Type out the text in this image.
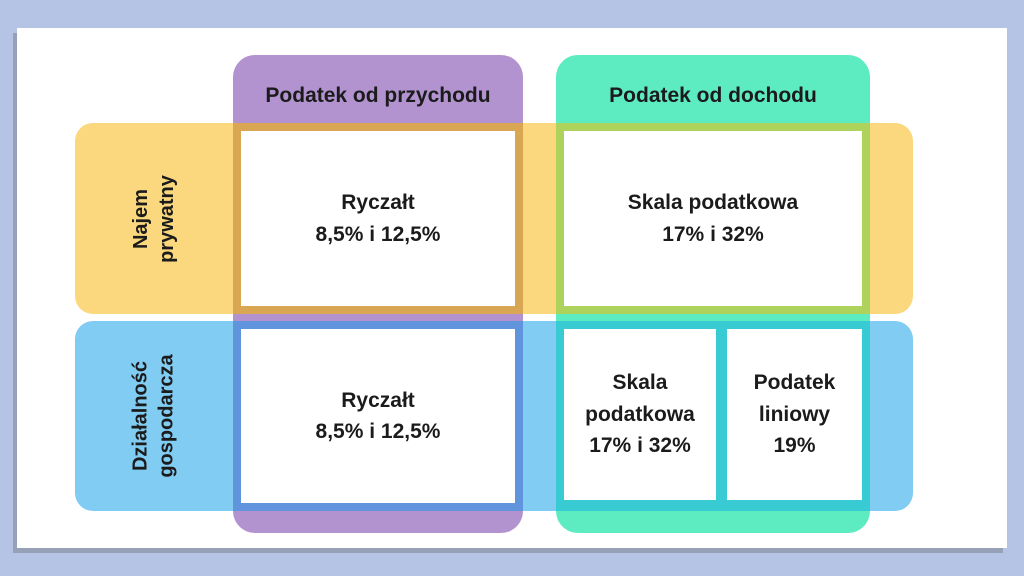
Podatek od przychodu	Podatek od dochodu
Najem prywatny
Działalność gospodarcza
Ryczałt
8,5% i 12,5%
Skala podatkowa
17% i 32%
Ryczałt
8,5% i 12,5%
Skala
podatkowa
17% i 32%
Podatek
liniowy
19%
